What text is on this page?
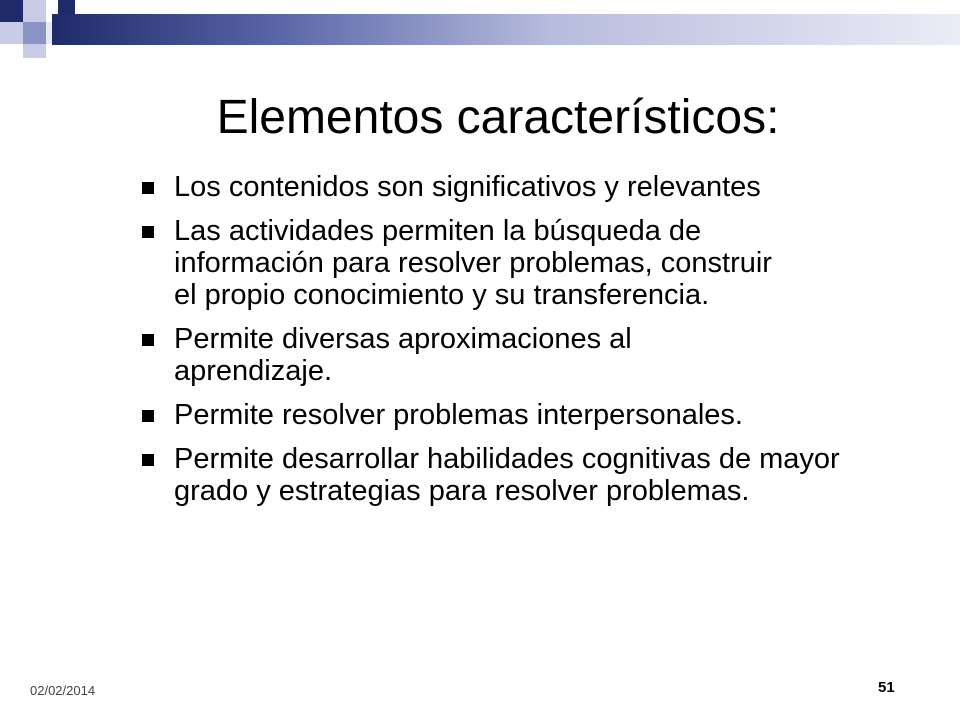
Elementos característicos:
Los contenidos son significativos y relevantes
Las actividades permiten la búsqueda de información para resolver problemas, construir el propio conocimiento y su transferencia.
Permite diversas aproximaciones al aprendizaje.
Permite resolver problemas interpersonales.
Permite desarrollar habilidades cognitivas de mayor grado y estrategias para resolver problemas.
02/02/2014	51
